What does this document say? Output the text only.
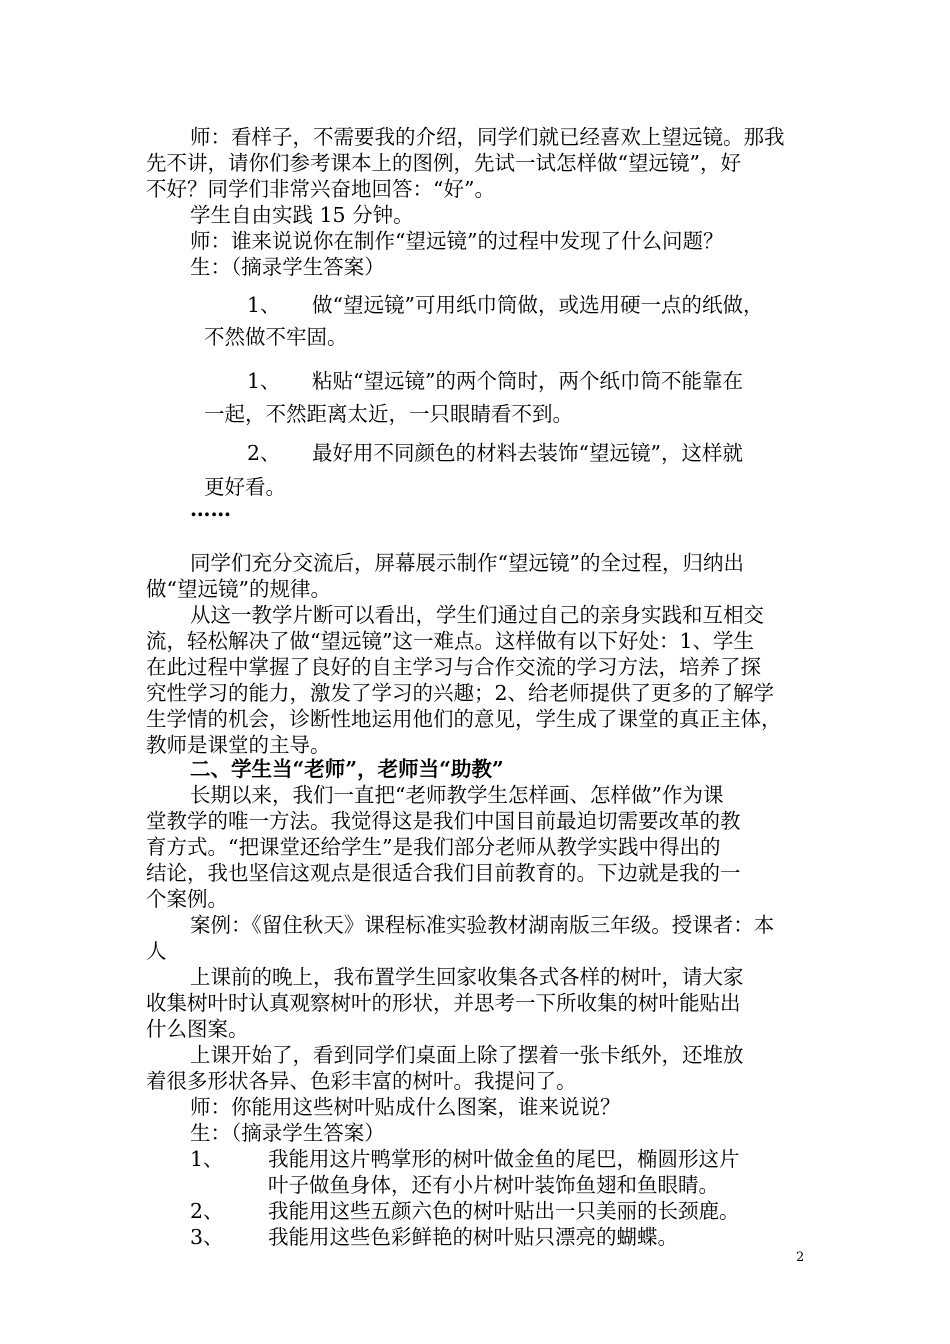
师：看样子，不需要我的介绍，同学们就已经喜欢上望远镜。那我
先不讲，请你们参考课本上的图例，先试一试怎样做“望远镜”，好
不好？同学们非常兴奋地回答：“好”。
学生自由实践 15 分钟。
师：谁来说说你在制作“望远镜”的过程中发现了什么问题？
生：（摘录学生答案）
1、 做“望远镜”可用纸巾筒做，或选用硬一点的纸做，
不然做不牢固。
1、 粘贴“望远镜”的两个筒时，两个纸巾筒不能靠在
一起，不然距离太近，一只眼睛看不到。
2、 最好用不同颜色的材料去装饰“望远镜”，这样就
更好看。
……
同学们充分交流后，屏幕展示制作“望远镜”的全过程，归纳出
做“望远镜”的规律。
从这一教学片断可以看出，学生们通过自己的亲身实践和互相交
流，轻松解决了做“望远镜”这一难点。这样做有以下好处：1、学生
在此过程中掌握了良好的自主学习与合作交流的学习方法，培养了探
究性学习的能力，激发了学习的兴趣；2、给老师提供了更多的了解学
生学情的机会，诊断性地运用他们的意见，学生成了课堂的真正主体，
教师是课堂的主导。
二、学生当“老师”，老师当“助教”
长期以来，我们一直把“老师教学生怎样画、怎样做”作为课
堂教学的唯一方法。我觉得这是我们中国目前最迫切需要改革的教
育方式。“把课堂还给学生”是我们部分老师从教学实践中得出的
结论，我也坚信这观点是很适合我们目前教育的。下边就是我的一
个案例。
案例：《留住秋天》课程标准实验教材湖南版三年级。授课者：本
人
上课前的晚上，我布置学生回家收集各式各样的树叶，请大家
收集树叶时认真观察树叶的形状，并思考一下所收集的树叶能贴出
什么图案。
上课开始了，看到同学们桌面上除了摆着一张卡纸外，还堆放
着很多形状各异、色彩丰富的树叶。我提问了。
师：你能用这些树叶贴成什么图案，谁来说说？
生：（摘录学生答案）
1、 我能用这片鸭掌形的树叶做金鱼的尾巴，椭圆形这片
叶子做鱼身体，还有小片树叶装饰鱼翅和鱼眼睛。
2、 我能用这些五颜六色的树叶贴出一只美丽的长颈鹿。
3、 我能用这些色彩鲜艳的树叶贴只漂亮的蝴蝶。
2
